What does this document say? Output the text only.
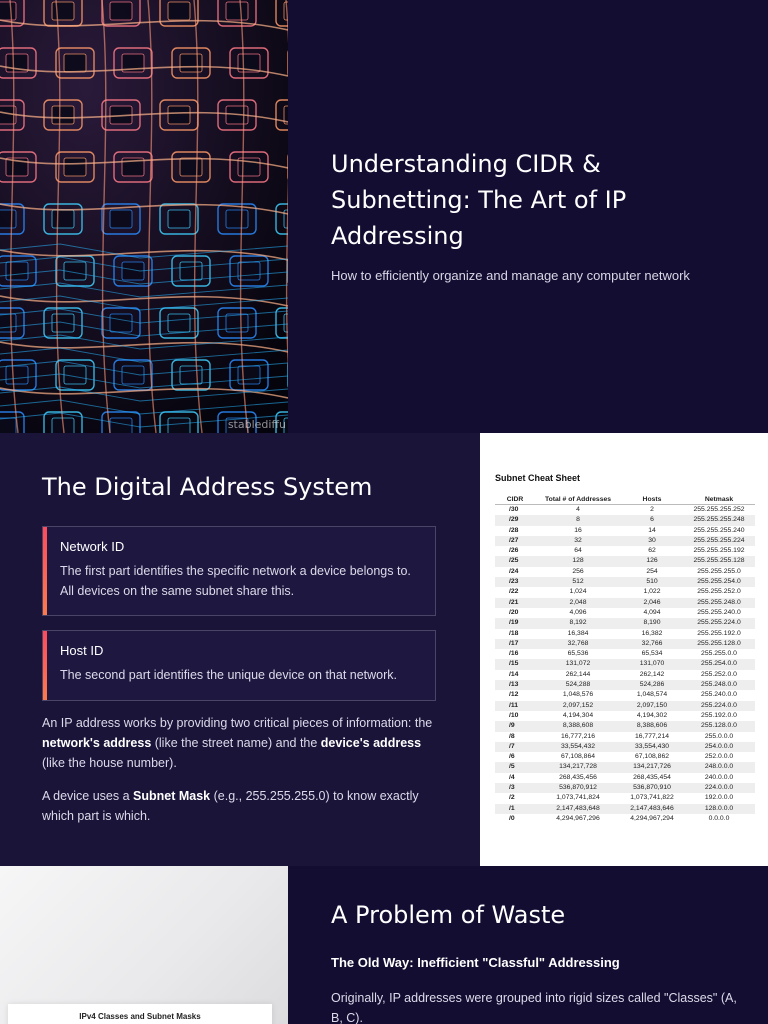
stablediffu
Understanding CIDR & Subnetting: The Art of IP Addressing

How to efficiently organize and manage any computer network

The Digital Address System
Network ID
The first part identifies the specific network a device belongs to. All devices on the same subnet share this.
Host ID
The second part identifies the unique device on that network.

An IP address works by providing two critical pieces of information: the network's address (like the street name) and the device's address (like the house number).

A device uses a Subnet Mask (e.g., 255.255.255.0) to know exactly which part is which.

Subnet Cheat Sheet
CIDR	Total # of Addresses	Hosts	Netmask
/30	4	2	255.255.255.252
/29	8	6	255.255.255.248
/28	16	14	255.255.255.240
/27	32	30	255.255.255.224
/26	64	62	255.255.255.192
/25	128	126	255.255.255.128
/24	256	254	255.255.255.0
/23	512	510	255.255.254.0
/22	1,024	1,022	255.255.252.0
/21	2,048	2,046	255.255.248.0
/20	4,096	4,094	255.255.240.0
/19	8,192	8,190	255.255.224.0
/18	16,384	16,382	255.255.192.0
/17	32,768	32,766	255.255.128.0
/16	65,536	65,534	255.255.0.0
/15	131,072	131,070	255.254.0.0
/14	262,144	262,142	255.252.0.0
/13	524,288	524,286	255.248.0.0
/12	1,048,576	1,048,574	255.240.0.0
/11	2,097,152	2,097,150	255.224.0.0
/10	4,194,304	4,194,302	255.192.0.0
/9	8,388,608	8,388,606	255.128.0.0
/8	16,777,216	16,777,214	255.0.0.0
/7	33,554,432	33,554,430	254.0.0.0
/6	67,108,864	67,108,862	252.0.0.0
/5	134,217,728	134,217,726	248.0.0.0
/4	268,435,456	268,435,454	240.0.0.0
/3	536,870,912	536,870,910	224.0.0.0
/2	1,073,741,824	1,073,741,822	192.0.0.0
/1	2,147,483,648	2,147,483,646	128.0.0.0
/0	4,294,967,296	4,294,967,294	0.0.0.0
IPv4 Classes and Subnet Masks
A Problem of Waste
The Old Way: Inefficient "Classful" Addressing

Originally, IP addresses were grouped into rigid sizes called "Classes" (A, B, C).
